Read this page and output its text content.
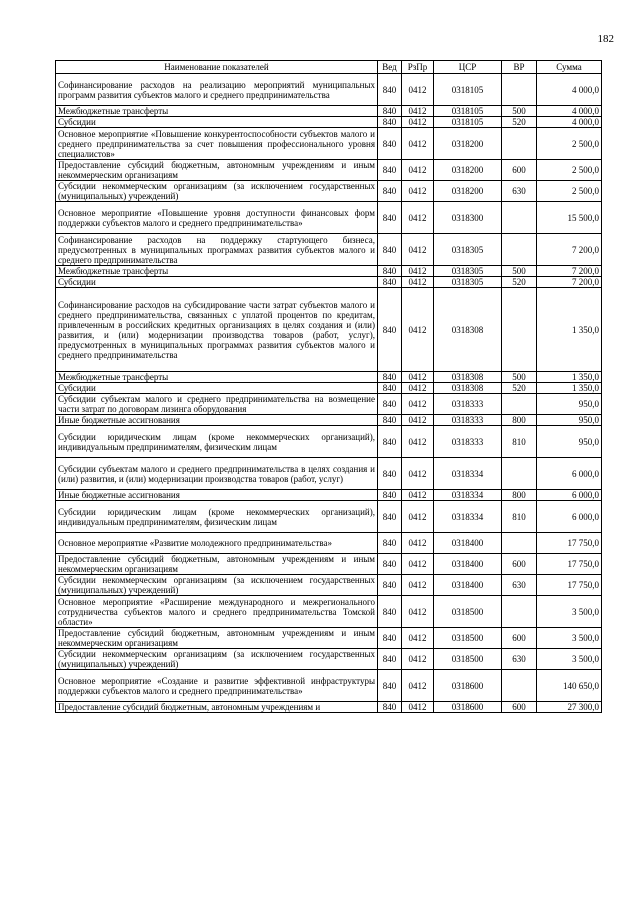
182
Наименование показателей	Вед	РзПр	ЦСР	ВР	Сумма
Софинансирование расходов на реализацию мероприятий муниципальных программ развития субъектов малого и среднего предпринимательства	840	0412	0318105		4 000,0
Межбюджетные трансферты	840	0412	0318105	500	4 000,0
Субсидии	840	0412	0318105	520	4 000,0
Основное мероприятие «Повышение конкурентоспособности субъектов малого и среднего предпринимательства за счет повышения профессионального уровня специалистов»	840	0412	0318200		2 500,0
Предоставление субсидий бюджетным, автономным учреждениям и иным некоммерческим организациям	840	0412	0318200	600	2 500,0
Субсидии некоммерческим организациям (за исключением государственных (муниципальных) учреждений)	840	0412	0318200	630	2 500,0
Основное мероприятие «Повышение уровня доступности финансовых форм поддержки субъектов малого и среднего предпринимательства»	840	0412	0318300		15 500,0
Софинансирование расходов на поддержку стартующего бизнеса, предусмотренных в муниципальных программах развития субъектов малого и среднего предпринимательства	840	0412	0318305		7 200,0
Межбюджетные трансферты	840	0412	0318305	500	7 200,0
Субсидии	840	0412	0318305	520	7 200,0
Софинансирование расходов на субсидирование части затрат субъектов малого и среднего предпринимательства, связанных с уплатой процентов по кредитам, привлеченным в российских кредитных организациях в целях создания и (или) развития, и (или) модернизации производства товаров (работ, услуг), предусмотренных в муниципальных программах развития субъектов малого и среднего предпринимательства	840	0412	0318308		1 350,0
Межбюджетные трансферты	840	0412	0318308	500	1 350,0
Субсидии	840	0412	0318308	520	1 350,0
Субсидии субъектам малого и среднего предпринимательства на возмещение части затрат по договорам лизинга оборудования	840	0412	0318333		950,0
Иные бюджетные ассигнования	840	0412	0318333	800	950,0
Субсидии юридическим лицам (кроме некоммерческих организаций), индивидуальным предпринимателям, физическим лицам	840	0412	0318333	810	950,0
Субсидии субъектам малого и среднего предпринимательства в целях создания и (или) развития, и (или) модернизации производства товаров (работ, услуг)	840	0412	0318334		6 000,0
Иные бюджетные ассигнования	840	0412	0318334	800	6 000,0
Субсидии юридическим лицам (кроме некоммерческих организаций), индивидуальным предпринимателям, физическим лицам	840	0412	0318334	810	6 000,0
Основное мероприятие «Развитие молодежного предпринимательства»	840	0412	0318400		17 750,0
Предоставление субсидий бюджетным, автономным учреждениям и иным некоммерческим организациям	840	0412	0318400	600	17 750,0
Субсидии некоммерческим организациям (за исключением государственных (муниципальных) учреждений)	840	0412	0318400	630	17 750,0
Основное мероприятие «Расширение международного и межрегионального сотрудничества субъектов малого и среднего предпринимательства Томской области»	840	0412	0318500		3 500,0
Предоставление субсидий бюджетным, автономным учреждениям и иным некоммерческим организациям	840	0412	0318500	600	3 500,0
Субсидии некоммерческим организациям (за исключением государственных (муниципальных) учреждений)	840	0412	0318500	630	3 500,0
Основное мероприятие «Создание и развитие эффективной инфраструктуры поддержки субъектов малого и среднего предпринимательства»	840	0412	0318600		140 650,0
Предоставление субсидий бюджетным, автономным учреждениям и	840	0412	0318600	600	27 300,0
